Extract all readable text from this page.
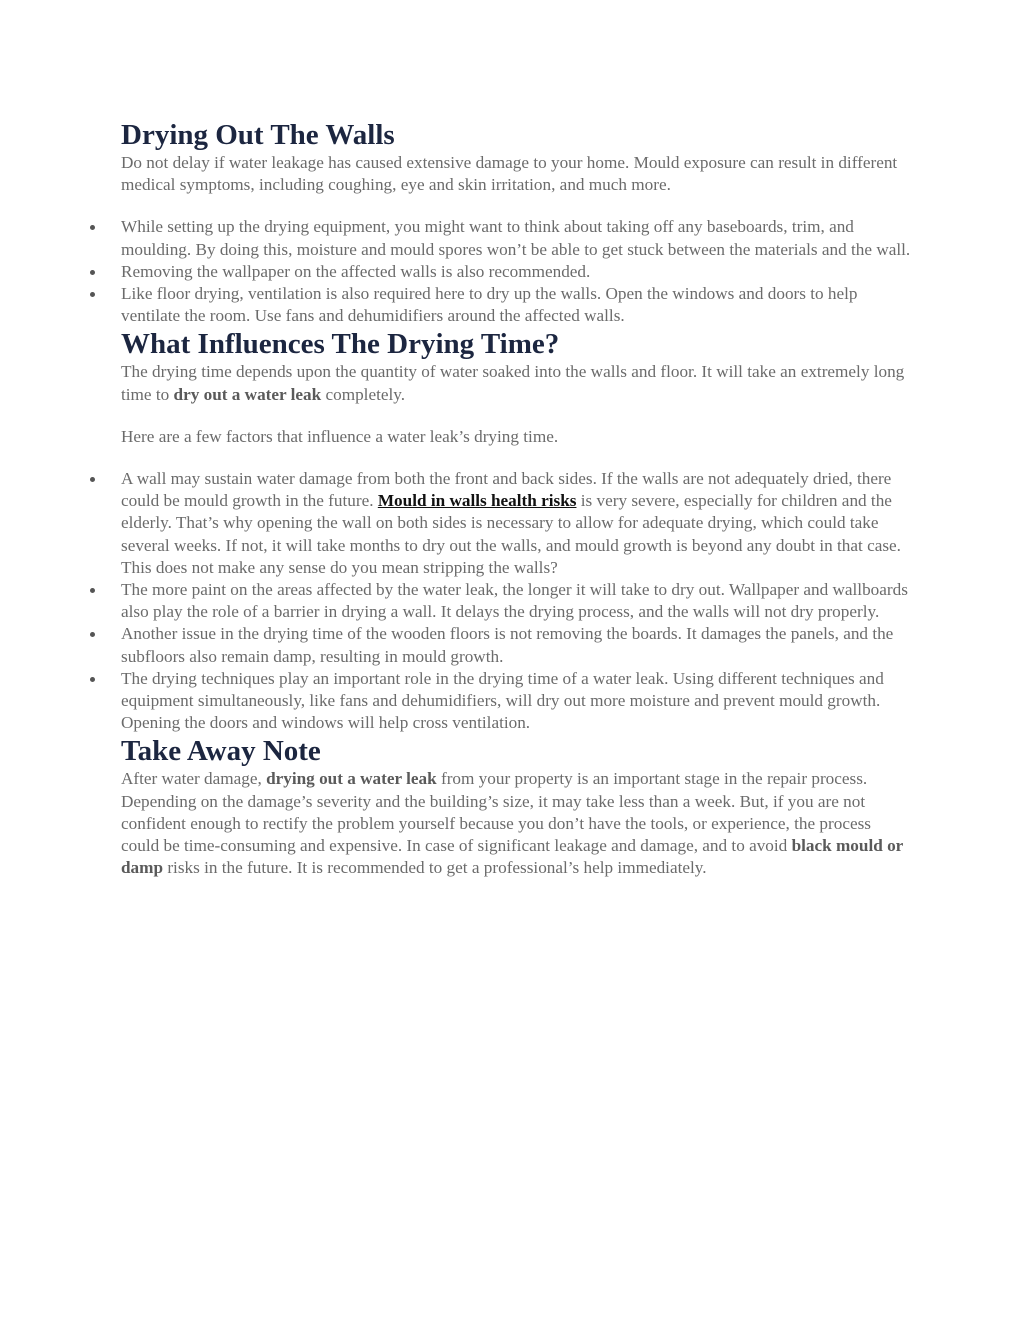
Drying Out The Walls

Do not delay if water leakage has caused extensive damage to your home. Mould exposure can result in different medical symptoms, including coughing, eye and skin irritation, and much more.

While setting up the drying equipment, you might want to think about taking off any baseboards, trim, and moulding. By doing this, moisture and mould spores won’t be able to get stuck between the materials and the wall.
Removing the wallpaper on the affected walls is also recommended.
Like floor drying, ventilation is also required here to dry up the walls. Open the windows and doors to help ventilate the room. Use fans and dehumidifiers around the affected walls.
What Influences The Drying Time?

The drying time depends upon the quantity of water soaked into the walls and floor. It will take an extremely long time to dry out a water leak completely.

Here are a few factors that influence a water leak’s drying time.

A wall may sustain water damage from both the front and back sides. If the walls are not adequately dried, there could be mould growth in the future. Mould in walls health risks is very severe, especially for children and the elderly. That’s why opening the wall on both sides is necessary to allow for adequate drying, which could take several weeks. If not, it will take months to dry out the walls, and mould growth is beyond any doubt in that case. This does not make any sense do you mean stripping the walls?
The more paint on the areas affected by the water leak, the longer it will take to dry out. Wallpaper and wallboards also play the role of a barrier in drying a wall. It delays the drying process, and the walls will not dry properly.
Another issue in the drying time of the wooden floors is not removing the boards. It damages the panels, and the subfloors also remain damp, resulting in mould growth.
The drying techniques play an important role in the drying time of a water leak. Using different techniques and equipment simultaneously, like fans and dehumidifiers, will dry out more moisture and prevent mould growth. Opening the doors and windows will help cross ventilation.
Take Away Note

After water damage, drying out a water leak from your property is an important stage in the repair process. Depending on the damage’s severity and the building’s size, it may take less than a week. But, if you are not confident enough to rectify the problem yourself because you don’t have the tools, or experience, the process could be time-consuming and expensive. In case of significant leakage and damage, and to avoid black mould or damp risks in the future. It is recommended to get a professional’s help immediately.
